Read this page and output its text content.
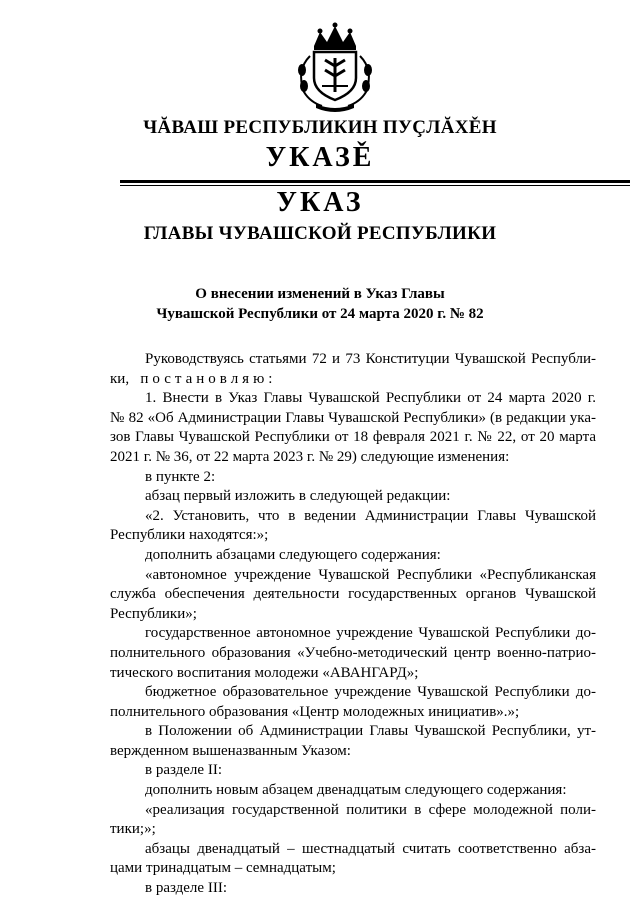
ЧĂВАШ РЕСПУБЛИКИН ПУÇЛĂХĚН
УКАЗĚ
УКАЗ
ГЛАВЫ ЧУВАШСКОЙ РЕСПУБЛИКИ
О внесении изменений в Указ Главы
Чувашской Республики от 24 марта 2020 г. № 82
Руководствуясь статьями 72 и 73 Конституции Чувашской Республи-
ки, постановляю:
1. Внести в Указ Главы Чувашской Республики от 24 марта 2020 г.
№ 82 «Об Администрации Главы Чувашской Республики» (в редакции ука-
зов Главы Чувашской Республики от 18 февраля 2021 г. № 22, от 20 марта
2021 г. № 36, от 22 марта 2023 г. № 29) следующие изменения:
в пункте 2:
абзац первый изложить в следующей редакции:
«2. Установить, что в ведении Администрации Главы Чувашской
Республики находятся:»;
дополнить абзацами следующего содержания:
«автономное учреждение Чувашской Республики «Республиканская
служба обеспечения деятельности государственных органов Чувашской
Республики»;
государственное автономное учреждение Чувашской Республики до-
полнительного образования «Учебно-методический центр военно-патрио-
тического воспитания молодежи «АВАНГАРД»;
бюджетное образовательное учреждение Чувашской Республики до-
полнительного образования «Центр молодежных инициатив».»;
в Положении об Администрации Главы Чувашской Республики, ут-
вержденном вышеназванным Указом:
в разделе II:
дополнить новым абзацем двенадцатым следующего содержания:
«реализация государственной политики в сфере молодежной поли-
тики;»;
абзацы двенадцатый – шестнадцатый считать соответственно абза-
цами тринадцатым – семнадцатым;
в разделе III:
